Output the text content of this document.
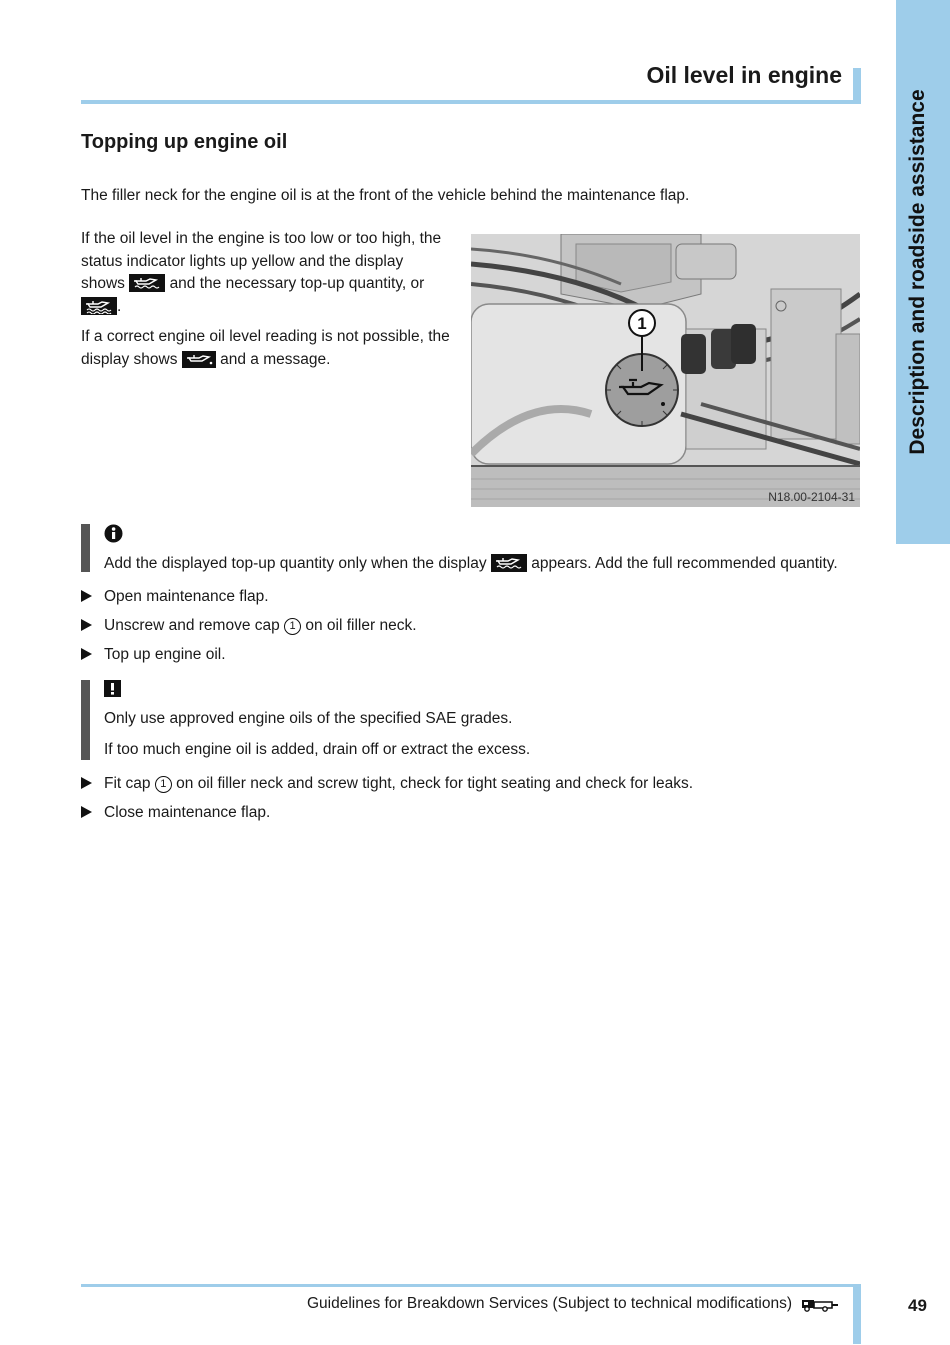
Description and roadside assistance
Oil level in engine
Topping up engine oil
The filler neck for the engine oil is at the front of the vehicle behind the maintenance flap.
If the oil level in the engine is too low or too high, the status indicator lights up yellow and the display shows	and the necessary top-up quantity, or
.
If a correct engine oil level reading is not possible, the display shows	and a message.
1
N18.00-2104-31
Add the displayed top-up quantity only when the display	appears. Add the full recommended quantity.
Open maintenance flap.
Unscrew and remove cap 1 on oil filler neck.
Top up engine oil.
Only use approved engine oils of the specified SAE grades.
If too much engine oil is added, drain off or extract the excess.
Fit cap 1 on oil filler neck and screw tight, check for tight seating and check for leaks.
Close maintenance flap.
Guidelines for Breakdown Services (Subject to technical modifications)	49
